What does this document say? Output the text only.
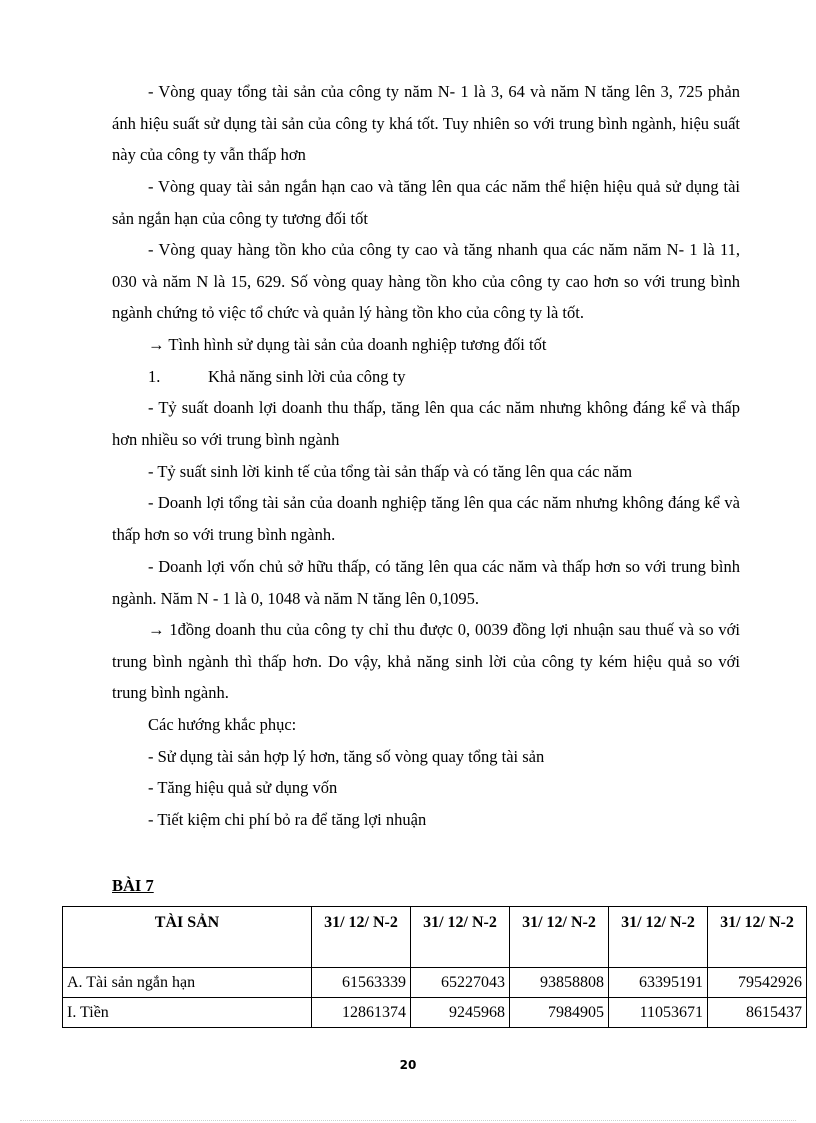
- Vòng quay tổng tài sản của công ty năm N- 1 là 3, 64 và năm N tăng lên 3, 725 phản ánh hiệu suất sử dụng tài sản của công ty khá tốt. Tuy nhiên so với trung bình ngành, hiệu suất này của công ty vẫn thấp hơn
- Vòng quay tài sản ngắn hạn cao và tăng lên qua các năm thể hiện hiệu quả sử dụng tài sản ngắn hạn của công ty tương đối tốt
- Vòng quay hàng tồn kho của công ty cao và tăng nhanh qua các năm năm N- 1 là 11, 030 và năm N là 15, 629. Số vòng quay hàng tồn kho của công ty cao hơn so với trung bình ngành chứng tỏ việc tổ chức và quản lý hàng tồn kho của công ty là tốt.
→ Tình hình sử dụng tài sản của doanh nghiệp tương đối tốt
1.	Khả năng sinh lời của công ty
- Tỷ suất doanh lợi doanh thu thấp, tăng lên qua các năm nhưng không đáng kể và thấp hơn nhiều so với trung bình ngành
- Tỷ suất sinh lời kinh tế của tổng tài sản thấp và có tăng lên qua các năm
- Doanh lợi tổng tài sản của doanh nghiệp tăng lên qua các năm nhưng không đáng kể và thấp hơn so với trung bình ngành.
- Doanh lợi vốn chủ sở hữu thấp, có tăng lên qua các năm và thấp hơn so với trung bình ngành. Năm N - 1 là 0, 1048 và năm N tăng lên 0,1095.
→ 1đồng doanh thu của công ty chỉ thu được 0, 0039 đồng lợi nhuận sau thuế và so với trung bình ngành thì thấp hơn. Do vậy, khả năng sinh lời của công ty kém hiệu quả so với trung bình ngành.
Các hướng khắc phục:
- Sử dụng tài sản hợp lý hơn, tăng số vòng quay tổng tài sản
- Tăng hiệu quả sử dụng vốn
- Tiết kiệm chi phí bỏ ra để tăng lợi nhuận
BÀI 7
TÀI SẢN	31/ 12/ N-2	31/ 12/ N-2	31/ 12/ N-2	31/ 12/ N-2	31/ 12/ N-2
A. Tài sản ngắn hạn	61563339	65227043	93858808	63395191	79542926
I. Tiền	12861374	9245968	7984905	11053671	8615437
20
